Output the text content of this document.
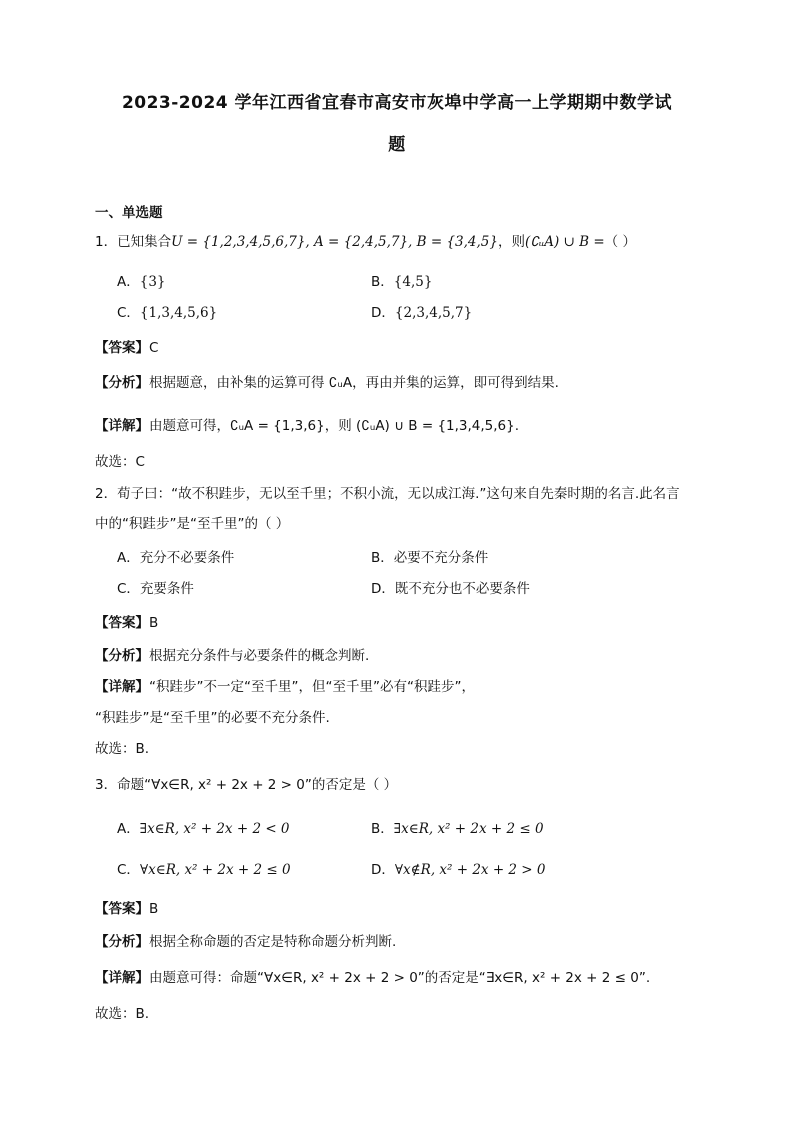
2023-2024 学年江西省宜春市高安市灰埠中学高一上学期期中数学试
题
一、单选题
1．已知集合U = {1,2,3,4,5,6,7}, A = {2,4,5,7}, B = {3,4,5}，则(∁ᵤA) ∪ B =（ ）
A．{3}	B．{4,5}
C．{1,3,4,5,6}	D．{2,3,4,5,7}
【答案】C
【分析】根据题意，由补集的运算可得 ∁ᵤA，再由并集的运算，即可得到结果.
【详解】由题意可得，∁ᵤA = {1,3,6}，则 (∁ᵤA) ∪ B = {1,3,4,5,6}.
故选：C
2．荀子曰：“故不积跬步，无以至千里；不积小流，无以成江海.”这句来自先秦时期的名言.此名言
中的“积跬步”是“至千里”的（ ）
A．充分不必要条件	B．必要不充分条件
C．充要条件	D．既不充分也不必要条件
【答案】B
【分析】根据充分条件与必要条件的概念判断.
【详解】“积跬步”不一定“至千里”，但“至千里”必有“积跬步”，
“积跬步”是“至千里”的必要不充分条件.
故选：B.
3．命题“∀x∈R, x² + 2x + 2 > 0”的否定是（ ）
A．∃x∈R, x² + 2x + 2 < 0	B．∃x∈R, x² + 2x + 2 ≤ 0
C．∀x∈R, x² + 2x + 2 ≤ 0	D．∀x∉R, x² + 2x + 2 > 0
【答案】B
【分析】根据全称命题的否定是特称命题分析判断.
【详解】由题意可得：命题“∀x∈R, x² + 2x + 2 > 0”的否定是“∃x∈R, x² + 2x + 2 ≤ 0”.
故选：B.
